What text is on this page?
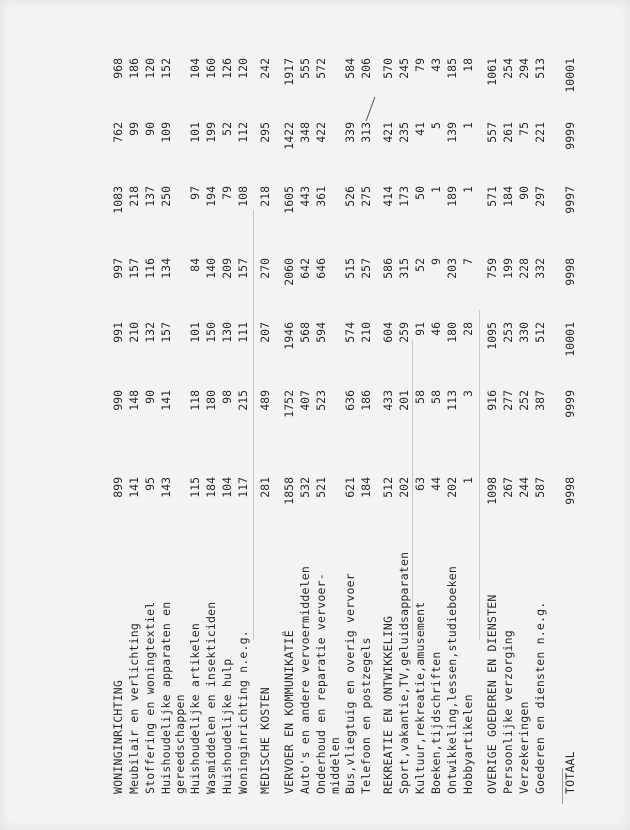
WONINGINRICHTING
899
990
991
997
1083
762
968
Meubilair en verlichting
141
148
210
157
218
99
186
Stoffering en woningtextiel
95
90
132
116
137
90
120
Huishoudelijke apparaten en
gereedschappen
143
141
157
134
250
109
152
Huishoudelijke artikelen
115
118
101
84
97
101
104
Wasmiddelen en insekticiden
184
180
150
140
194
199
160
Huishoudelijke hulp
104
98
130
209
79
52
126
Woninginrichting n.e.g.
117
215
111
157
108
112
120
MEDISCHE KOSTEN
281
489
207
270
218
295
242
VERVOER EN KOMMUNIKATIË
1858
1752
1946
2060
1605
1422
1917
Auto's en andere vervoermiddelen
532
407
568
642
443
348
555
Onderhoud en reparatie vervoer-
middelen
521
523
594
646
361
422
572
Bus,vliegtuig en overig vervoer
621
636
574
515
526
339
584
Telefoon en postzegels
184
186
210
257
275
313
206
REKREATIE EN ONTWIKKELING
512
433
604
586
414
421
570
Sport,vakantie,TV,geluidsapparaten
202
201
259
315
173
235
245
Kultuur,rekreatie,amusement
63
58
91
52
50
41
79
Boeken,tijdschriften
44
58
46
9
1
5
43
Ontwikkeling,lessen,studieboeken
202
113
180
203
189
139
185
Hobbyartikelen
1
3
28
7
1
1
18
OVERIGE GOEDEREN EN DIENSTEN
1098
916
1095
759
571
557
1061
Persoonlijke verzorging
267
277
253
199
184
261
254
Verzekeringen
244
252
330
228
90
75
294
Goederen en diensten n.e.g.
587
387
512
332
297
221
513
TOTAAL
9998
9999
10001
9998
9997
9999
10001
